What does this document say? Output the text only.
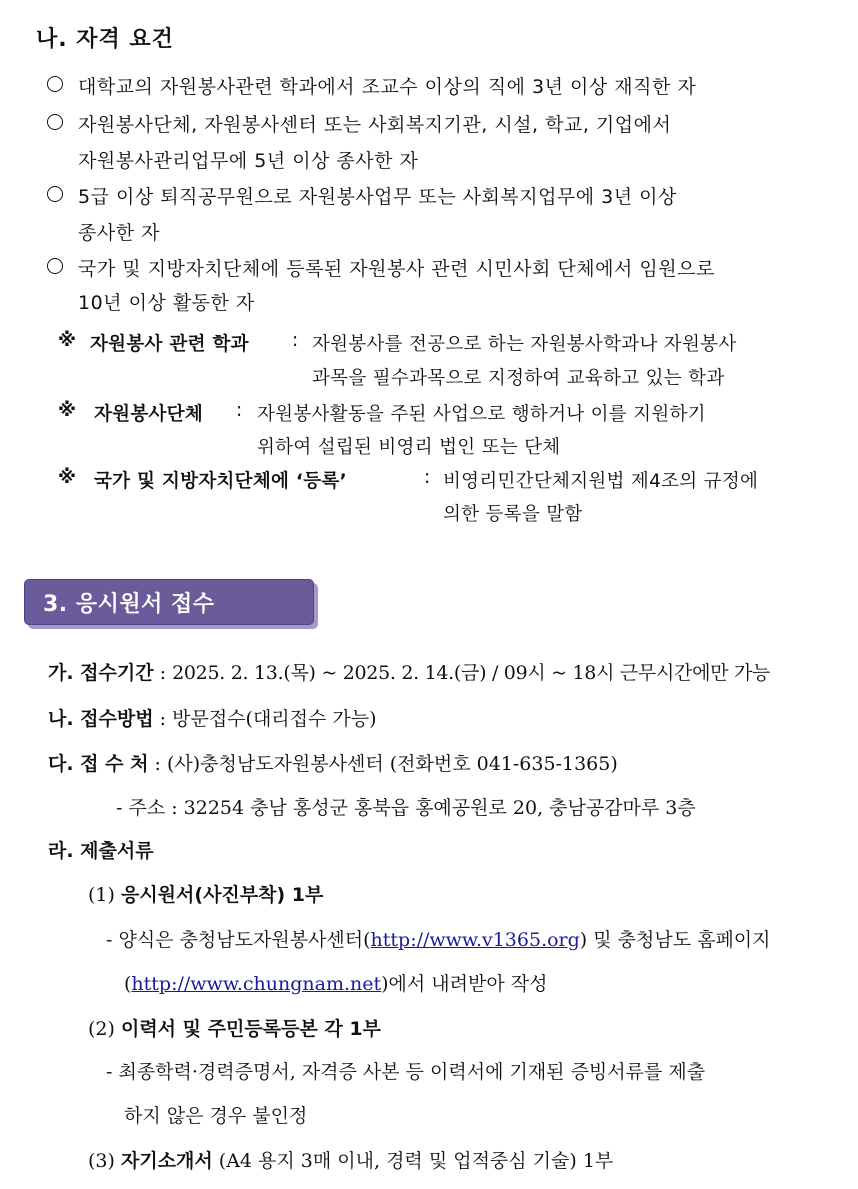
나. 자격 요건
대학교의 자원봉사관련 학과에서 조교수 이상의 직에 3년 이상 재직한 자
자원봉사단체, 자원봉사센터 또는 사회복지기관, 시설, 학교, 기업에서
자원봉사관리업무에 5년 이상 종사한 자
5급 이상 퇴직공무원으로 자원봉사업무 또는 사회복지업무에 3년 이상
종사한 자
국가 및 지방자치단체에 등록된 자원봉사 관련 시민사회 단체에서 임원으로
10년 이상 활동한 자
※ 자원봉사 관련 학과 : 자원봉사를 전공으로 하는 자원봉사학과나 자원봉사
과목을 필수과목으로 지정하여 교육하고 있는 학과
※ 자원봉사단체 : 자원봉사활동을 주된 사업으로 행하거나 이를 지원하기
위하여 설립된 비영리 법인 또는 단체
※ 국가 및 지방자치단체에 ‘등록’	: 비영리민간단체지원법 제4조의 규정에
의한 등록을 말함
3. 응시원서 접수
가. 접수기간 : 2025. 2. 13.(목) ~ 2025. 2. 14.(금) / 09시 ~ 18시 근무시간에만 가능
나. 접수방법 : 방문접수(대리접수 가능)
다. 접 수 처 : (사)충청남도자원봉사센터 (전화번호 041-635-1365)
- 주소 : 32254 충남 홍성군 홍북읍 홍예공원로 20, 충남공감마루 3층
라. 제출서류
(1) 응시원서(사진부착) 1부
- 양식은 충청남도자원봉사센터(http://www.v1365.org) 및 충청남도 홈페이지
(http://www.chungnam.net)에서 내려받아 작성
(2) 이력서 및 주민등록등본 각 1부
- 최종학력·경력증명서, 자격증 사본 등 이력서에 기재된 증빙서류를 제출
하지 않은 경우 불인정
(3) 자기소개서 (A4 용지 3매 이내, 경력 및 업적중심 기술) 1부
